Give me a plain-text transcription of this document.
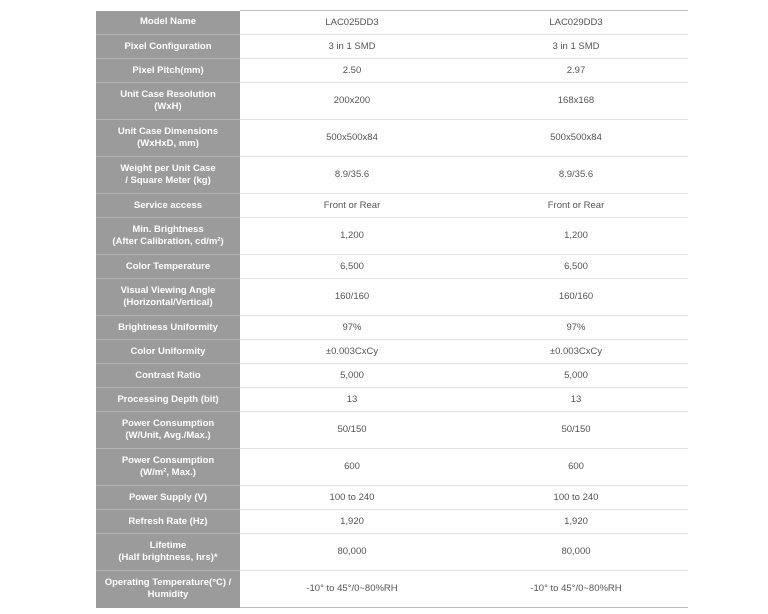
Model Name	LAC025DD3	LAC029DD3
Pixel Configuration	3 in 1 SMD	3 in 1 SMD
Pixel Pitch(mm)	2.50	2.97
Unit Case Resolution
(WxH)	200x200	168x168
Unit Case Dimensions
(WxHxD, mm)	500x500x84	500x500x84
Weight per Unit Case
/ Square Meter (kg)	8.9/35.6	8.9/35.6
Service access	Front or Rear	Front or Rear
Min. Brightness
(After Calibration, cd/m²)	1,200	1,200
Color Temperature	6,500	6,500
Visual Viewing Angle
(Horizontal/Vertical)	160/160	160/160
Brightness Uniformity	97%	97%
Color Uniformity	±0.003CxCy	±0.003CxCy
Contrast Ratio	5,000	5,000
Processing Depth (bit)	13	13
Power Consumption
(W/Unit, Avg./Max.)	50/150	50/150
Power Consumption
(W/m², Max.)	600	600
Power Supply (V)	100 to 240	100 to 240
Refresh Rate (Hz)	1,920	1,920
Lifetime
(Half brightness, hrs)*	80,000	80,000
Operating Temperature(°C) /
Humidity	-10° to 45°/0~80%RH	-10° to 45°/0~80%RH
